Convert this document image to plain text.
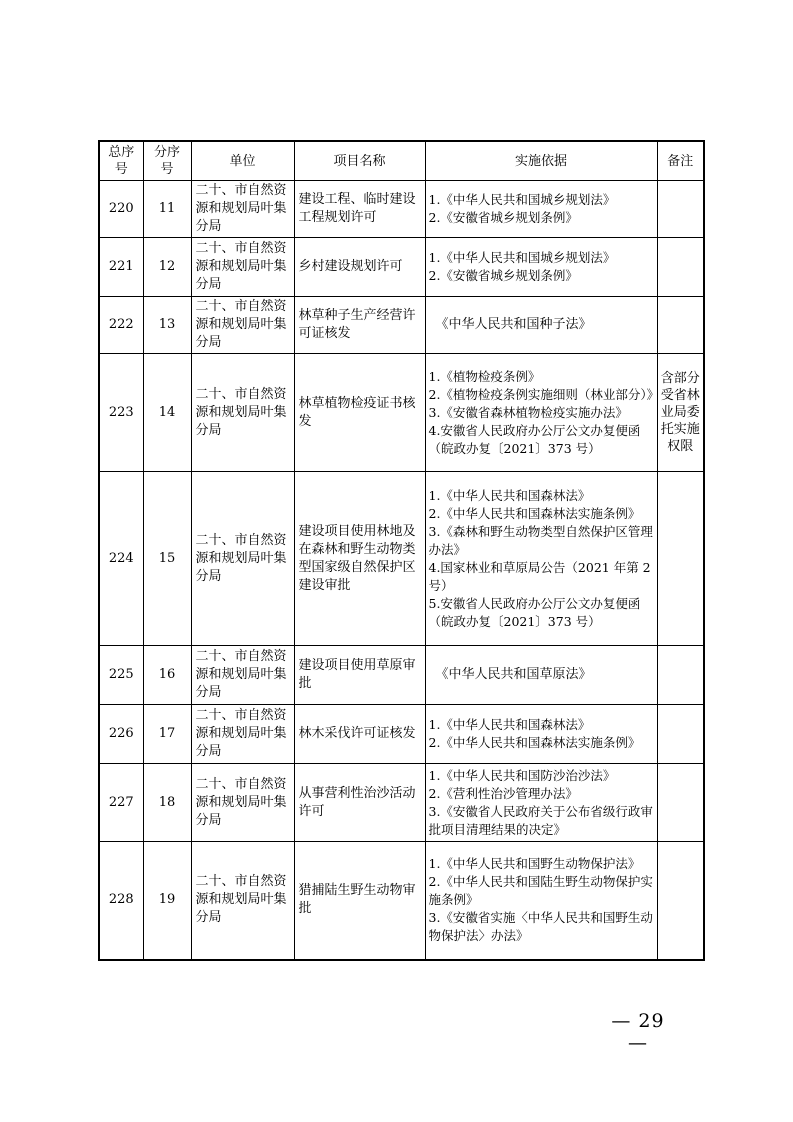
总序号	分序号	单位	项目名称	实施依据	备注
220	11	二十、市自然资源和规划局叶集分局	建设工程、临时建设工程规划许可	1.《中华人民共和国城乡规划法》
2.《安徽省城乡规划条例》	

221	12	二十、市自然资源和规划局叶集分局	乡村建设规划许可	1.《中华人民共和国城乡规划法》
2.《安徽省城乡规划条例》	

222	13	二十、市自然资源和规划局叶集分局	林草种子生产经营许可证核发	《中华人民共和国种子法》	

223	14	二十、市自然资源和规划局叶集分局	林草植物检疫证书核发	1.《植物检疫条例》
2.《植物检疫条例实施细则（林业部分）》
3.《安徽省森林植物检疫实施办法》
4.安徽省人民政府办公厅公文办复便函（皖政办复〔2021〕373 号）	含部分受省林业局委托实施权限
224	15	二十、市自然资源和规划局叶集分局	建设项目使用林地及在森林和野生动物类型国家级自然保护区建设审批	1.《中华人民共和国森林法》
2.《中华人民共和国森林法实施条例》
3.《森林和野生动物类型自然保护区管理办法》
4.国家林业和草原局公告（2021 年第 2 号）
5.安徽省人民政府办公厅公文办复便函（皖政办复〔2021〕373 号）	

225	16	二十、市自然资源和规划局叶集分局	建设项目使用草原审批	《中华人民共和国草原法》	

226	17	二十、市自然资源和规划局叶集分局	林木采伐许可证核发	1.《中华人民共和国森林法》
2.《中华人民共和国森林法实施条例》	

227	18	二十、市自然资源和规划局叶集分局	从事营利性治沙活动许可	1.《中华人民共和国防沙治沙法》
2.《营利性治沙管理办法》
3.《安徽省人民政府关于公布省级行政审批项目清理结果的决定》	

228	19	二十、市自然资源和规划局叶集分局	猎捕陆生野生动物审批	1.《中华人民共和国野生动物保护法》
2.《中华人民共和国陆生野生动物保护实施条例》
3.《安徽省实施〈中华人民共和国野生动物保护法〉办法》	

— 29 —
